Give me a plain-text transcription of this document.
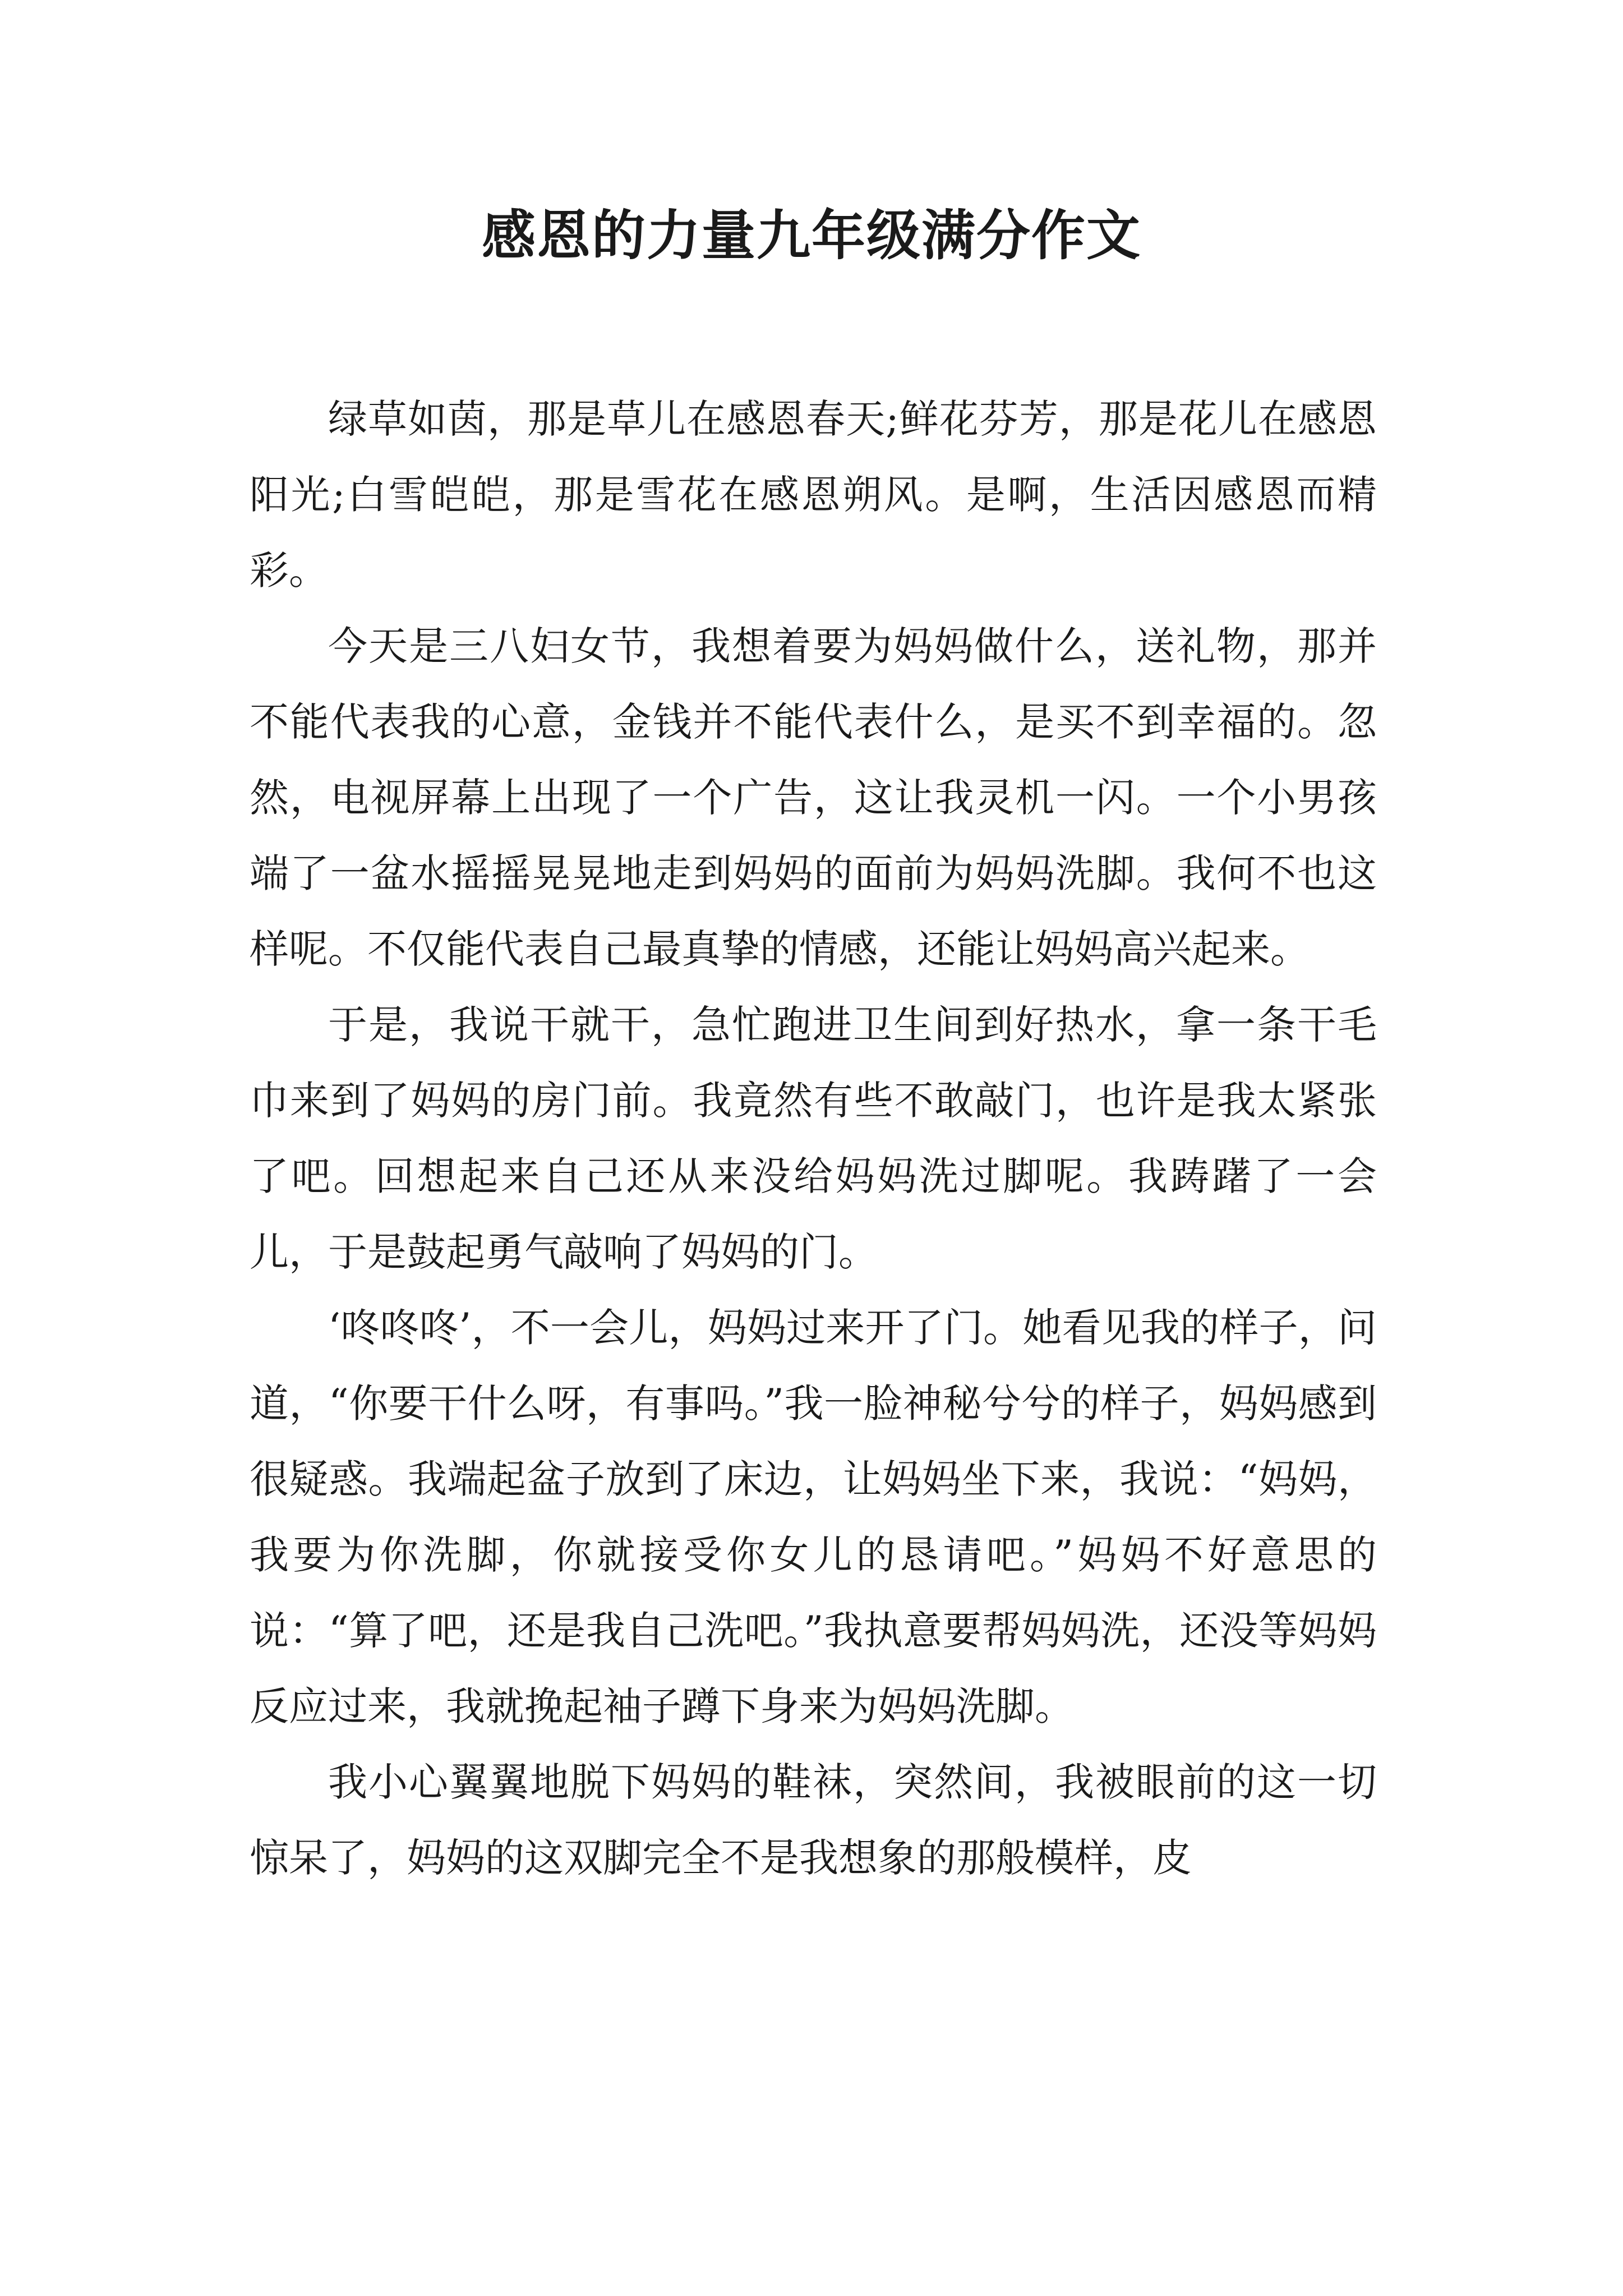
感恩的力量九年级满分作文

绿草如茵，那是草儿在感恩春天;鲜花芬芳，那是花儿在感恩阳光;白雪皑皑，那是雪花在感恩朔风。是啊，生活因感恩而精彩。

今天是三八妇女节，我想着要为妈妈做什么，送礼物，那并不能代表我的心意，金钱并不能代表什么，是买不到幸福的。忽然，电视屏幕上出现了一个广告，这让我灵机一闪。一个小男孩端了一盆水摇摇晃晃地走到妈妈的面前为妈妈洗脚。我何不也这样呢。不仅能代表自己最真挚的情感，还能让妈妈高兴起来。

于是，我说干就干，急忙跑进卫生间到好热水，拿一条干毛巾来到了妈妈的房门前。我竟然有些不敢敲门，也许是我太紧张了吧。回想起来自己还从来没给妈妈洗过脚呢。我踌躇了一会儿，于是鼓起勇气敲响了妈妈的门。

‘咚咚咚’，不一会儿，妈妈过来开了门。她看见我的样子，问道，“你要干什么呀，有事吗。”我一脸神秘兮兮的样子，妈妈感到很疑惑。我端起盆子放到了床边，让妈妈坐下来，我说：“妈妈，我要为你洗脚，你就接受你女儿的恳请吧。”妈妈不好意思的说：“算了吧，还是我自己洗吧。”我执意要帮妈妈洗，还没等妈妈反应过来，我就挽起袖子蹲下身来为妈妈洗脚。

我小心翼翼地脱下妈妈的鞋袜，突然间，我被眼前的这一切惊呆了，妈妈的这双脚完全不是我想象的那般模样，皮
